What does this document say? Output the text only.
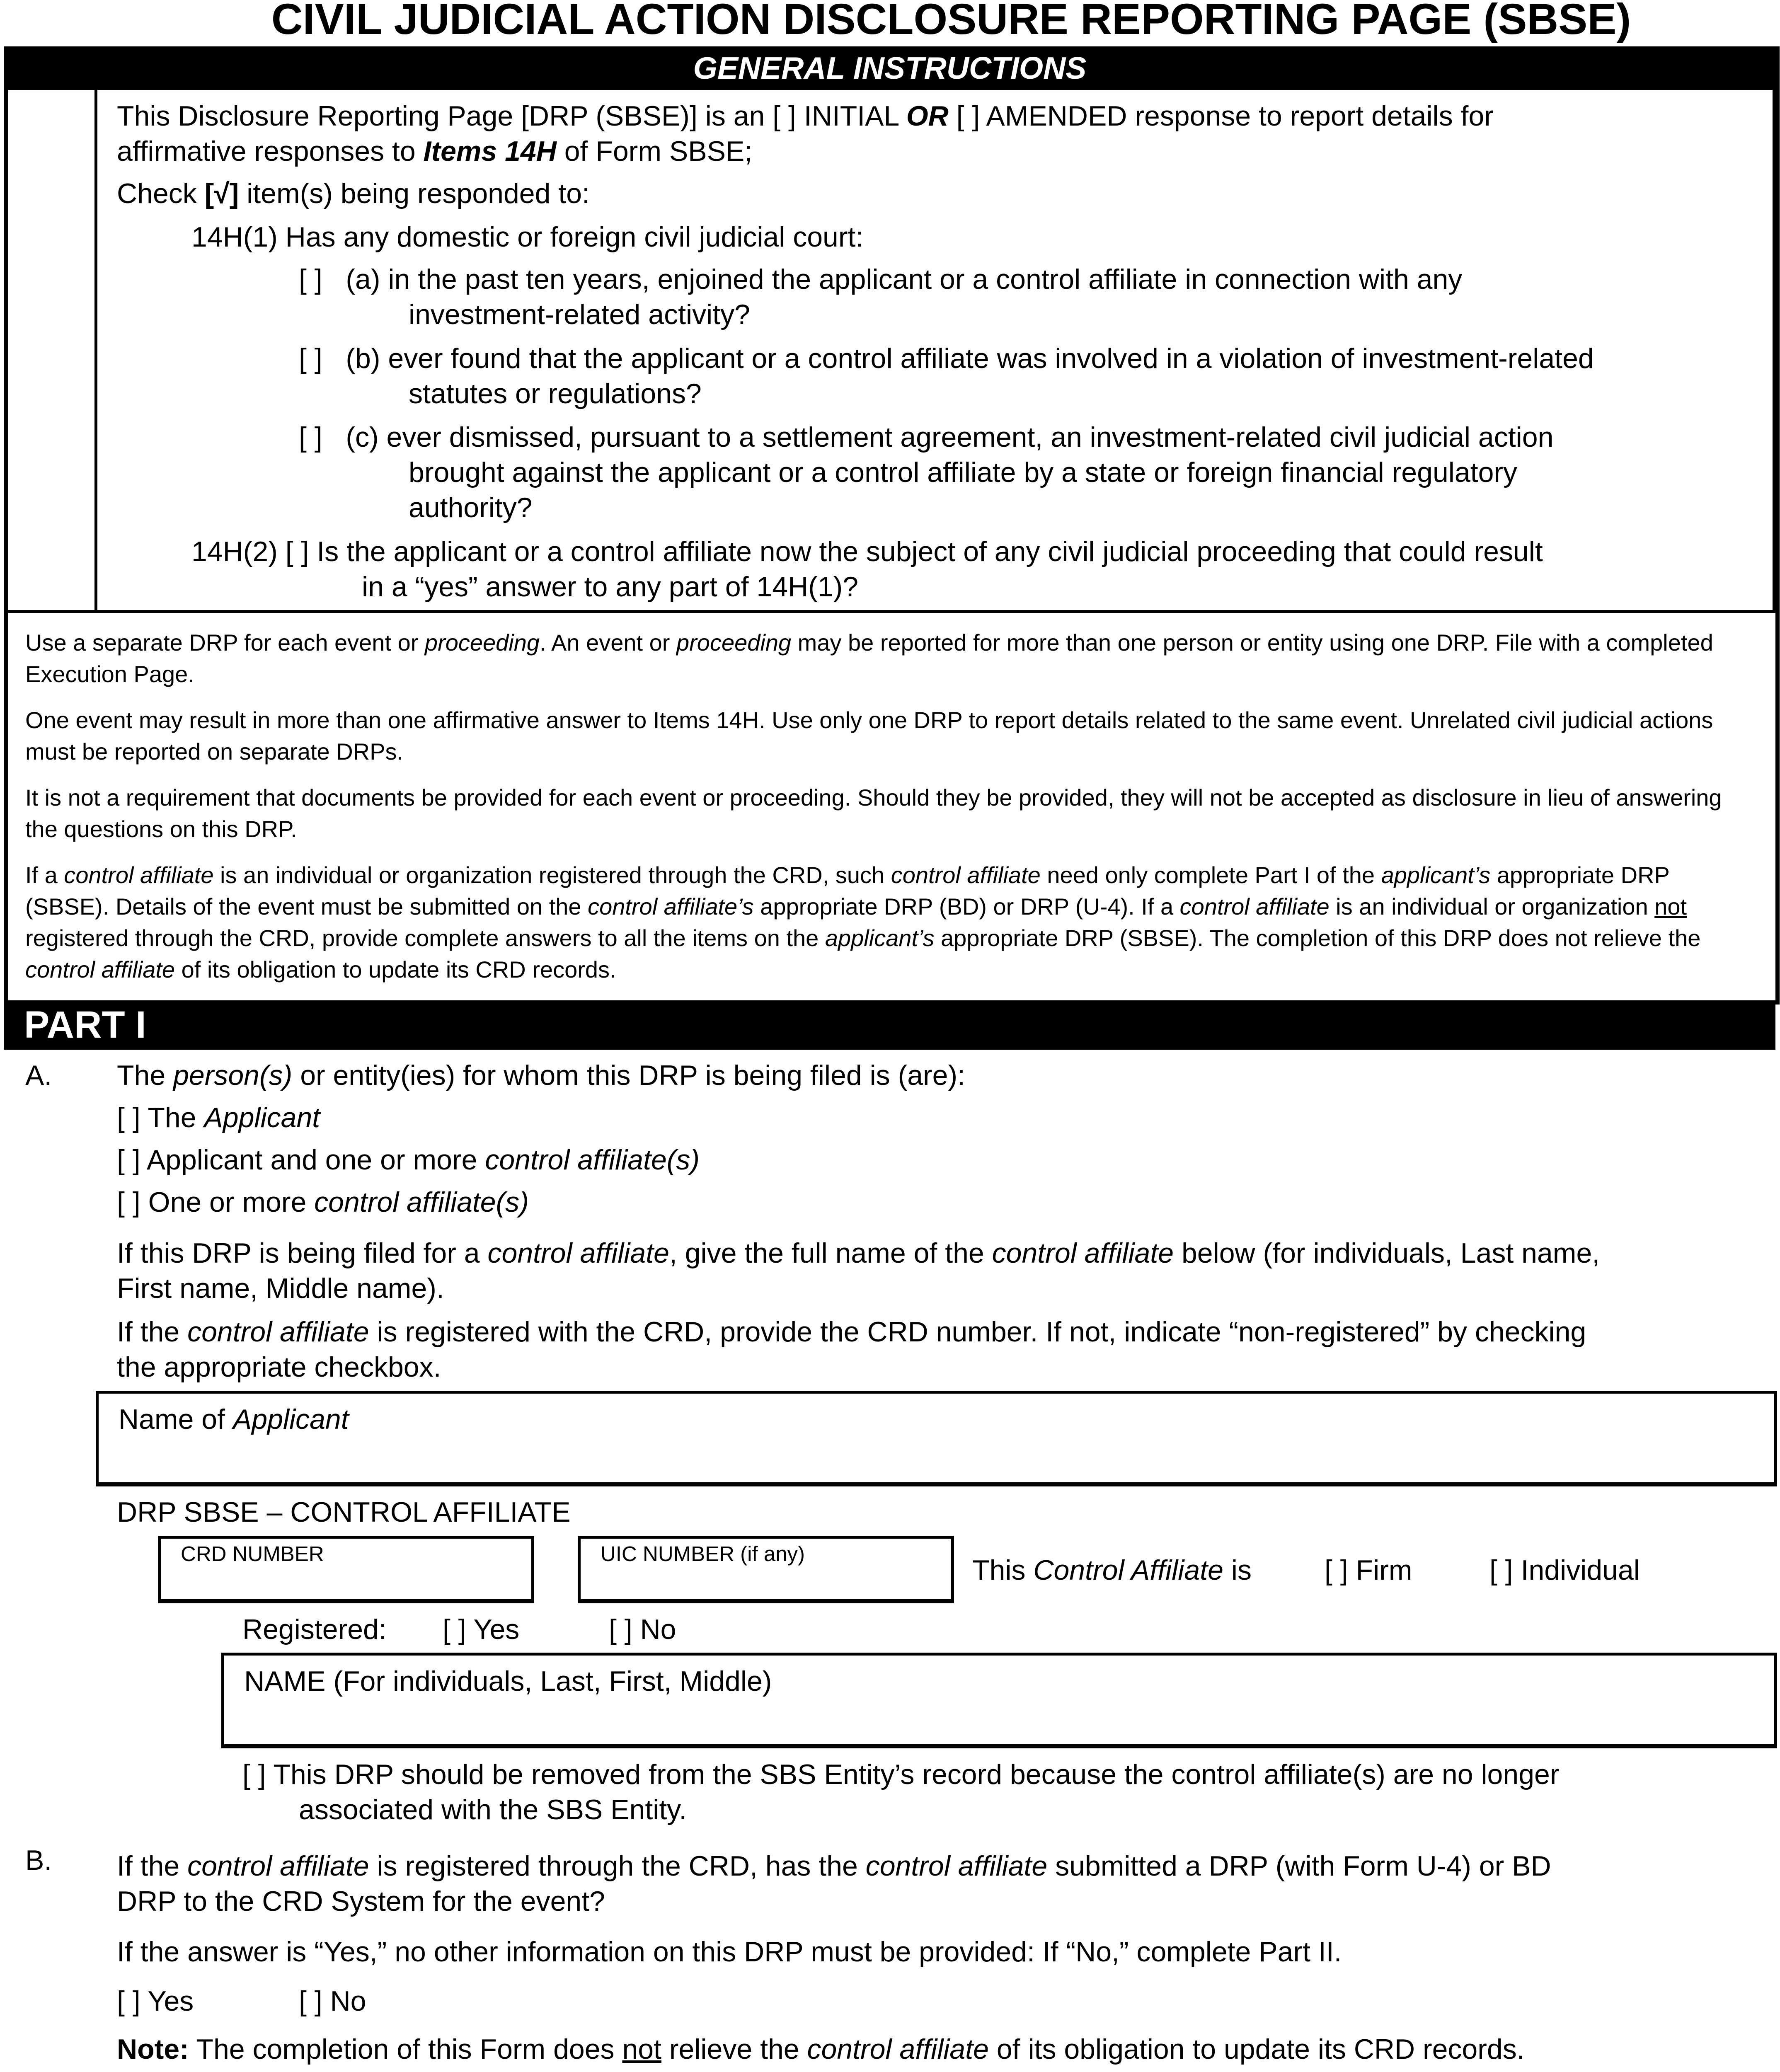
CIVIL JUDICIAL ACTION DISCLOSURE REPORTING PAGE (SBSE)
GENERAL INSTRUCTIONS
This Disclosure Reporting Page [DRP (SBSE)] is an [ ] INITIAL OR [ ] AMENDED response to report details for
affirmative responses to Items 14H of Form SBSE;
Check [√] item(s) being responded to:
14H(1) Has any domestic or foreign civil judicial court:
[ ] (a) in the past ten years, enjoined the applicant or a control affiliate in connection with any
investment-related activity?
[ ] (b) ever found that the applicant or a control affiliate was involved in a violation of investment-related
statutes or regulations?
[ ] (c) ever dismissed, pursuant to a settlement agreement, an investment-related civil judicial action
brought against the applicant or a control affiliate by a state or foreign financial regulatory
authority?
14H(2) [ ] Is the applicant or a control affiliate now the subject of any civil judicial proceeding that could result
in a “yes” answer to any part of 14H(1)?
Use a separate DRP for each event or proceeding. An event or proceeding may be reported for more than one person or entity using one DRP. File with a completed Execution Page.
One event may result in more than one affirmative answer to Items 14H. Use only one DRP to report details related to the same event. Unrelated civil judicial actions must be reported on separate DRPs.
It is not a requirement that documents be provided for each event or proceeding. Should they be provided, they will not be accepted as disclosure in lieu of answering the questions on this DRP.
If a control affiliate is an individual or organization registered through the CRD, such control affiliate need only complete Part I of the applicant’s appropriate DRP (SBSE). Details of the event must be submitted on the control affiliate’s appropriate DRP (BD) or DRP (U-4). If a control affiliate is an individual or organization not registered through the CRD, provide complete answers to all the items on the applicant’s appropriate DRP (SBSE). The completion of this DRP does not relieve the control affiliate of its obligation to update its CRD records.
PART I
A. The person(s) or entity(ies) for whom this DRP is being filed is (are):
[ ] The Applicant
[ ] Applicant and one or more control affiliate(s)
[ ] One or more control affiliate(s)
If this DRP is being filed for a control affiliate, give the full name of the control affiliate below (for individuals, Last name,
First name, Middle name).
If the control affiliate is registered with the CRD, provide the CRD number. If not, indicate “non-registered” by checking
the appropriate checkbox.
Name of Applicant
DRP SBSE – CONTROL AFFILIATE
CRD NUMBER	UIC NUMBER (if any)
This Control Affiliate is	[ ] Firm	[ ] Individual
Registered: [ ] Yes	[ ] No
NAME (For individuals, Last, First, Middle)
[ ] This DRP should be removed from the SBS Entity’s record because the control affiliate(s) are no longer
associated with the SBS Entity.
B. If the control affiliate is registered through the CRD, has the control affiliate submitted a DRP (with Form U-4) or BD
DRP to the CRD System for the event?
If the answer is “Yes,” no other information on this DRP must be provided: If “No,” complete Part II.
[ ] Yes	[ ] No
Note: The completion of this Form does not relieve the control affiliate of its obligation to update its CRD records.
